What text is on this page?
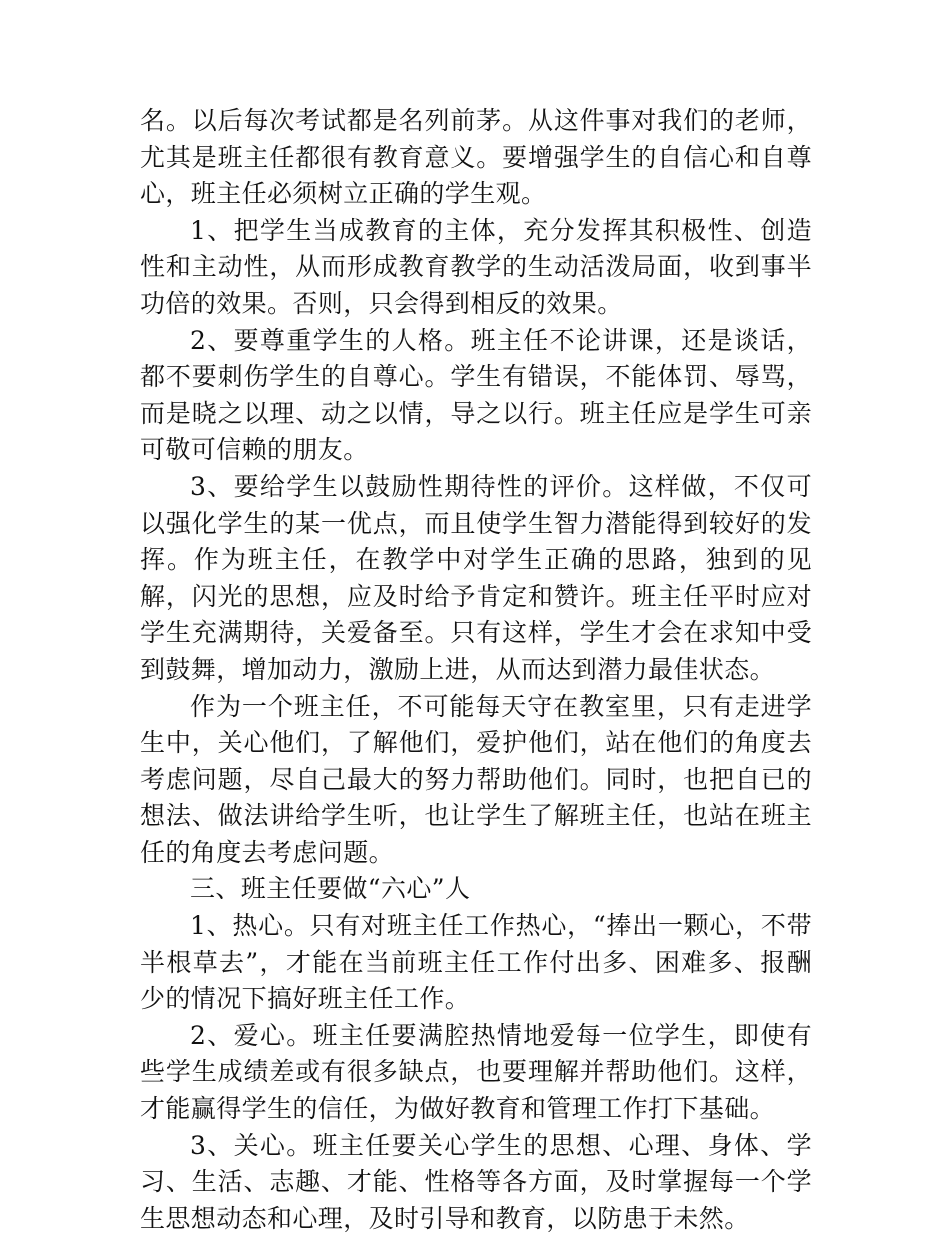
名。以后每次考试都是名列前茅。从这件事对我们的老师，尤其是班主任都很有教育意义。要增强学生的自信心和自尊心，班主任必须树立正确的学生观。

1、把学生当成教育的主体，充分发挥其积极性、创造性和主动性，从而形成教育教学的生动活泼局面，收到事半功倍的效果。否则，只会得到相反的效果。

2、要尊重学生的人格。班主任不论讲课，还是谈话，都不要刺伤学生的自尊心。学生有错误，不能体罚、辱骂，而是晓之以理、动之以情，导之以行。班主任应是学生可亲可敬可信赖的朋友。

3、要给学生以鼓励性期待性的评价。这样做，不仅可以强化学生的某一优点，而且使学生智力潜能得到较好的发挥。作为班主任，在教学中对学生正确的思路，独到的见解，闪光的思想，应及时给予肯定和赞许。班主任平时应对学生充满期待，关爱备至。只有这样，学生才会在求知中受到鼓舞，增加动力，激励上进，从而达到潜力最佳状态。

作为一个班主任，不可能每天守在教室里，只有走进学生中，关心他们，了解他们，爱护他们，站在他们的角度去考虑问题，尽自己最大的努力帮助他们。同时，也把自已的想法、做法讲给学生听，也让学生了解班主任，也站在班主任的角度去考虑问题。

三、班主任要做“六心”人

1、热心。只有对班主任工作热心，“捧出一颗心，不带半根草去”，才能在当前班主任工作付出多、困难多、报酬少的情况下搞好班主任工作。

2、爱心。班主任要满腔热情地爱每一位学生，即使有些学生成绩差或有很多缺点，也要理解并帮助他们。这样，才能赢得学生的信任，为做好教育和管理工作打下基础。

3、关心。班主任要关心学生的思想、心理、身体、学习、生活、志趣、才能、性格等各方面，及时掌握每一个学生思想动态和心理，及时引导和教育，以防患于未然。
